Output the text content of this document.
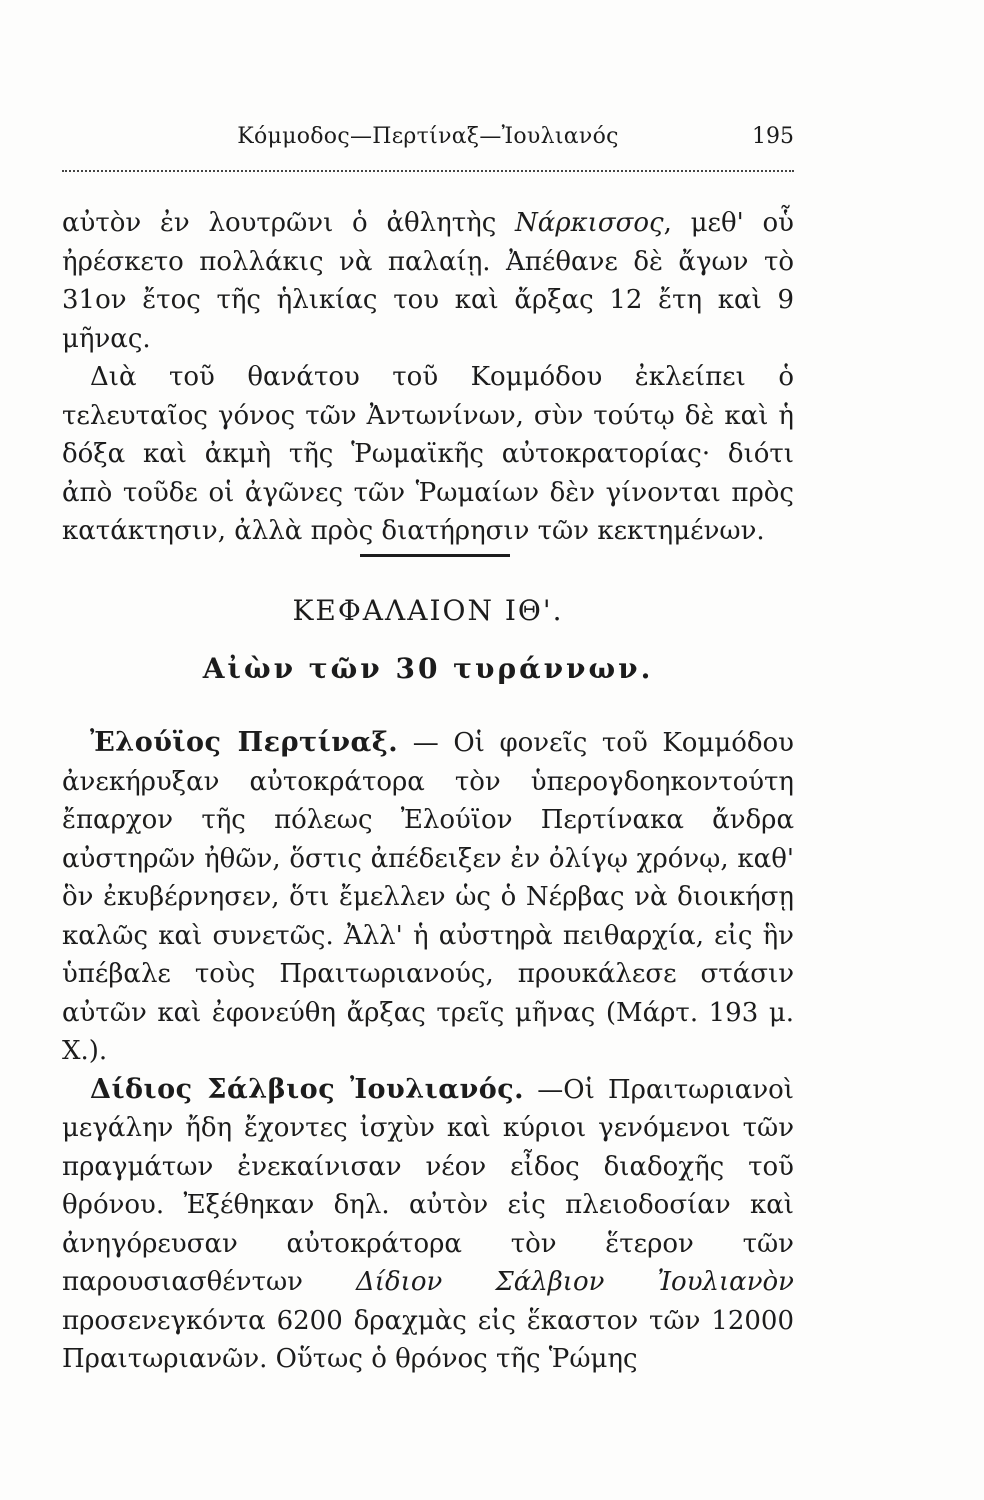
Κόμμοδος—Περτίναξ—Ἰουλιανός	195

αὐτὸν ἐν λουτρῶνι ὁ ἀθλητὴς Νάρκισσος, μεθ' οὗ ἠρέσκετο πολλάκις νὰ παλαίῃ. Ἀπέθανε δὲ ἄγων τὸ 31ον ἔτος τῆς ἡλικίας του καὶ ἄρξας 12 ἔτη καὶ 9 μῆνας.

Διὰ τοῦ θανάτου τοῦ Κομμόδου ἐκλείπει ὁ τελευταῖος γόνος τῶν Ἀντωνίνων, σὺν τούτῳ δὲ καὶ ἡ δόξα καὶ ἀκμὴ τῆς Ῥωμαϊκῆς αὐτοκρατορίας· διότι ἀπὸ τοῦδε οἱ ἀγῶνες τῶν Ῥωμαίων δὲν γίνονται πρὸς κατάκτησιν, ἀλλὰ πρὸς διατήρησιν τῶν κεκτημένων.

ΚΕΦΑΛΑΙΟΝ ΙΘ'.
Αἰὼν τῶν 30 τυράννων.

Ἐλούϊος Περτίναξ. — Οἱ φονεῖς τοῦ Κομμόδου ἀνεκήρυξαν αὐτοκράτορα τὸν ὑπερογδοηκοντούτη ἔπαρχον τῆς πόλεως Ἐλούϊον Περτίνακα ἄνδρα αὐστηρῶν ἠθῶν, ὅστις ἀπέδειξεν ἐν ὀλίγῳ χρόνῳ, καθ' ὃν ἐκυβέρνησεν, ὅτι ἔμελλεν ὡς ὁ Νέρβας νὰ διοικήσῃ καλῶς καὶ συνετῶς. Ἀλλ' ἡ αὐστηρὰ πειθαρχία, εἰς ἣν ὑπέβαλε τοὺς Πραιτωριανούς, προυκάλεσε στάσιν αὐτῶν καὶ ἐφονεύθη ἄρξας τρεῖς μῆνας (Μάρτ. 193 μ. Χ.).

Δίδιος Σάλβιος Ἰουλιανός. —Οἱ Πραιτωριανοὶ μεγάλην ἤδη ἔχοντες ἰσχὺν καὶ κύριοι γενόμενοι τῶν πραγμάτων ἐνεκαίνισαν νέον εἶδος διαδοχῆς τοῦ θρόνου. Ἐξέθηκαν δηλ. αὐτὸν εἰς πλειοδοσίαν καὶ ἀνηγόρευσαν αὐτοκράτορα τὸν ἕτερον τῶν παρουσιασθέντων Δίδιον Σάλβιον Ἰουλιανὸν προσενεγκόντα 6200 δραχμὰς εἰς ἕκαστον τῶν 12000 Πραιτωριανῶν. Οὕτως ὁ θρόνος τῆς Ῥώμης
